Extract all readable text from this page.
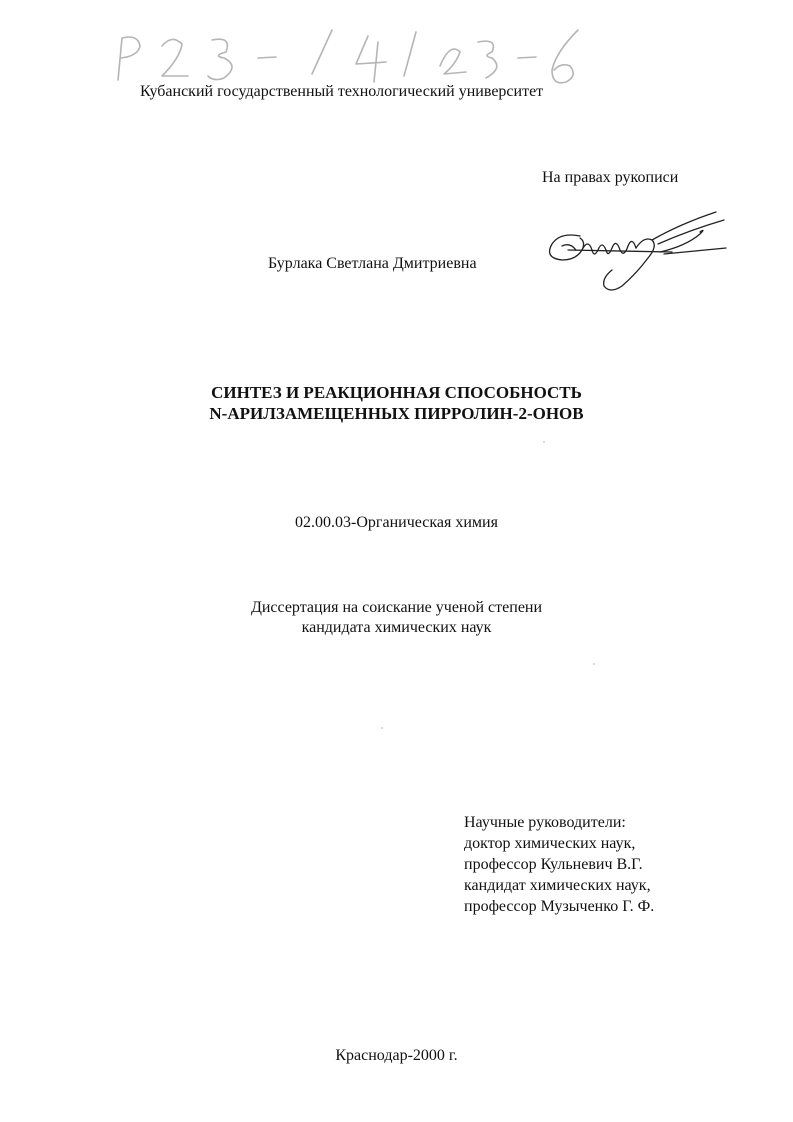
Кубанский государственный технологический университет

На правах рукописи

Бурлака Светлана Дмитриевна

СИНТЕЗ И РЕАКЦИОННАЯ СПОСОБНОСТЬ

N-АРИЛЗАМЕЩЕННЫХ ПИРРОЛИН-2-ОНОВ

02.00.03-Органическая химия

Диссертация на соискание ученой степени

кандидата химических наук

Научные руководители:

доктор химических наук,

профессор Кульневич В.Г.

кандидат химических наук,

профессор Музыченко Г. Ф.

Краснодар-2000 г.
